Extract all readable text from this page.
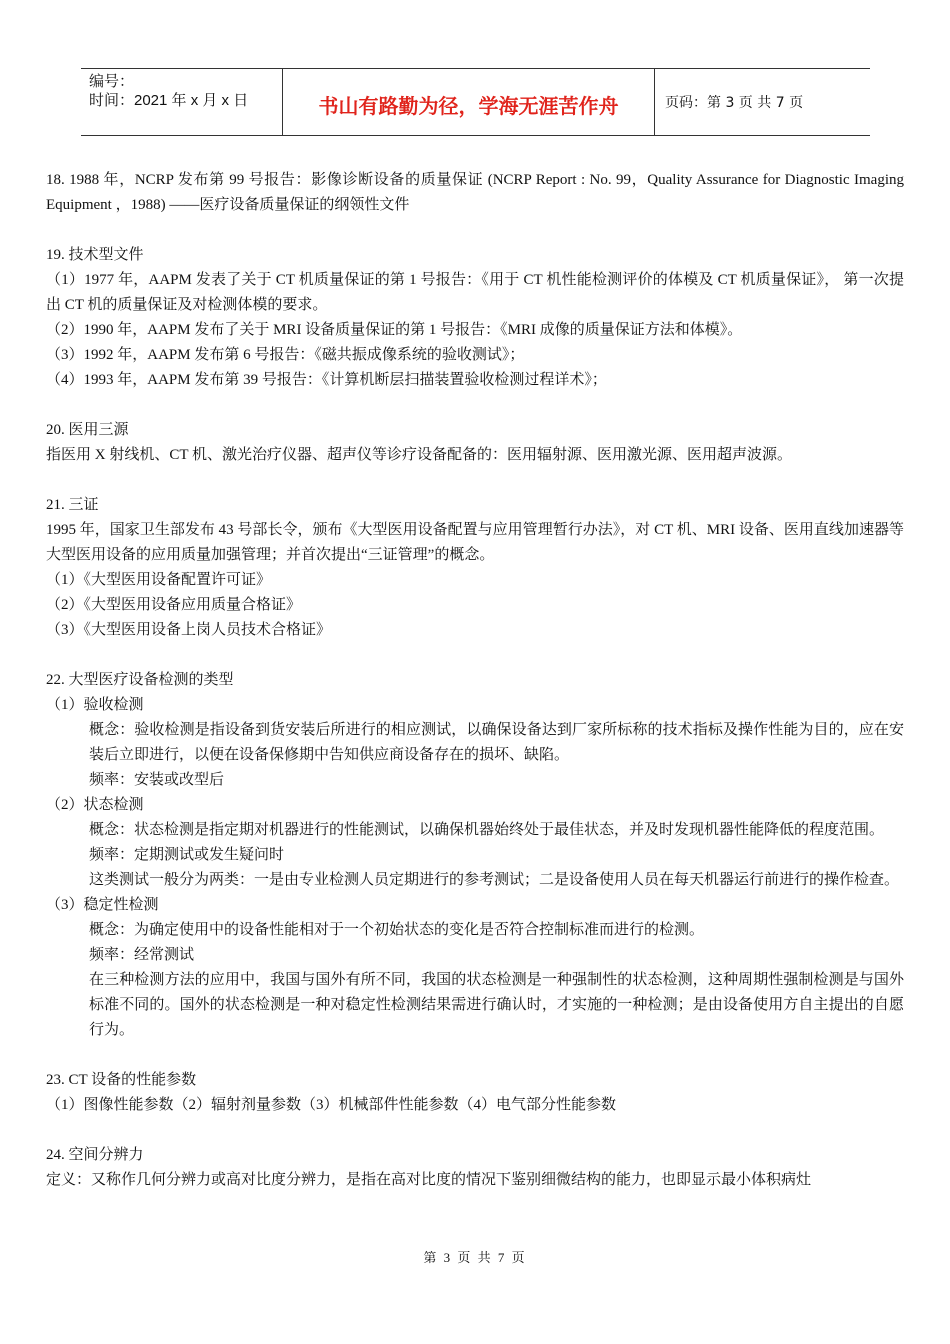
编号：
时间：2021 年 x 月 x 日	书山有路勤为径，学海无涯苦作舟	页码：第 3 页 共 7 页

18. 1988 年，NCRP 发布第 99 号报告：影像诊断设备的质量保证 (NCRP Report : No. 99，Quality Assurance for Diagnostic Imaging Equipment ，1988) ——医疗设备质量保证的纲领性文件

19. 技术型文件

（1）1977 年，AAPM 发表了关于 CT 机质量保证的第 1 号报告：《用于 CT 机性能检测评价的体模及 CT 机质量保证》， 第一次提出 CT 机的质量保证及对检测体模的要求。

（2）1990 年，AAPM 发布了关于 MRI 设备质量保证的第 1 号报告：《MRI 成像的质量保证方法和体模》。

（3）1992 年，AAPM 发布第 6 号报告：《磁共振成像系统的验收测试》；

（4）1993 年，AAPM 发布第 39 号报告：《计算机断层扫描装置验收检测过程详术》；

20. 医用三源

指医用 X 射线机、CT 机、激光治疗仪器、超声仪等诊疗设备配备的：医用辐射源、医用激光源、医用超声波源。

21. 三证

1995 年，国家卫生部发布 43 号部长令，颁布《大型医用设备配置与应用管理暂行办法》，对 CT 机、MRI 设备、医用直线加速器等大型医用设备的应用质量加强管理；并首次提出“三证管理”的概念。

（1）《大型医用设备配置许可证》

（2）《大型医用设备应用质量合格证》

（3）《大型医用设备上岗人员技术合格证》

22. 大型医疗设备检测的类型

（1）验收检测

概念：验收检测是指设备到货安装后所进行的相应测试，以确保设备达到厂家所标称的技术指标及操作性能为目的，应在安装后立即进行，以便在设备保修期中告知供应商设备存在的损坏、缺陷。

频率：安装或改型后

（2）状态检测

概念：状态检测是指定期对机器进行的性能测试，以确保机器始终处于最佳状态，并及时发现机器性能降低的程度范围。

频率：定期测试或发生疑问时

这类测试一般分为两类：一是由专业检测人员定期进行的参考测试；二是设备使用人员在每天机器运行前进行的操作检查。

（3）稳定性检测

概念：为确定使用中的设备性能相对于一个初始状态的变化是否符合控制标准而进行的检测。

频率：经常测试

在三种检测方法的应用中，我国与国外有所不同，我国的状态检测是一种强制性的状态检测，这种周期性强制检测是与国外标准不同的。国外的状态检测是一种对稳定性检测结果需进行确认时，才实施的一种检测；是由设备使用方自主提出的自愿行为。

23. CT 设备的性能参数

（1）图像性能参数（2）辐射剂量参数（3）机械部件性能参数（4）电气部分性能参数

24. 空间分辨力

定义：又称作几何分辨力或高对比度分辨力，是指在高对比度的情况下鉴别细微结构的能力，也即显示最小体积病灶

第 3 页 共 7 页
